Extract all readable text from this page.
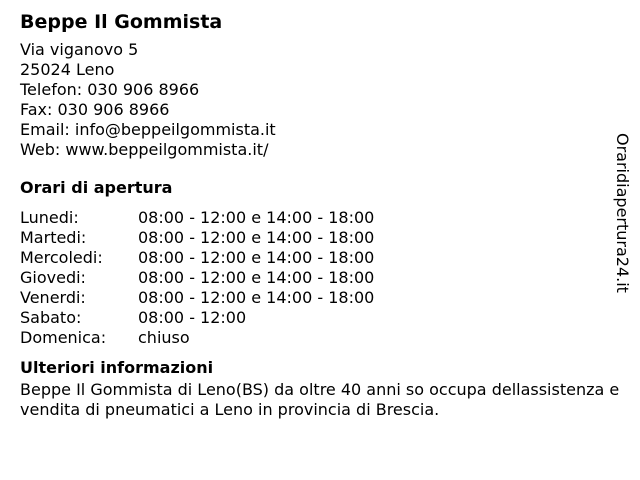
Beppe Il Gommista
Via viganovo 5
25024 Leno
Telefon: 030 906 8966
Fax: 030 906 8966
Email: info@beppeilgommista.it
Web: www.beppeilgommista.it/
Orari di apertura
Lunedi:	08:00 - 12:00 e 14:00 - 18:00
Martedi:	08:00 - 12:00 e 14:00 - 18:00
Mercoledi:	08:00 - 12:00 e 14:00 - 18:00
Giovedi:	08:00 - 12:00 e 14:00 - 18:00
Venerdi:	08:00 - 12:00 e 14:00 - 18:00
Sabato:	08:00 - 12:00
Domenica:	chiuso
Ulteriori informazioni
Beppe Il Gommista di Leno(BS) da oltre 40 anni so occupa dellassistenza e vendita di pneumatici a Leno in provincia di Brescia.
Oraridiapertura24.it
